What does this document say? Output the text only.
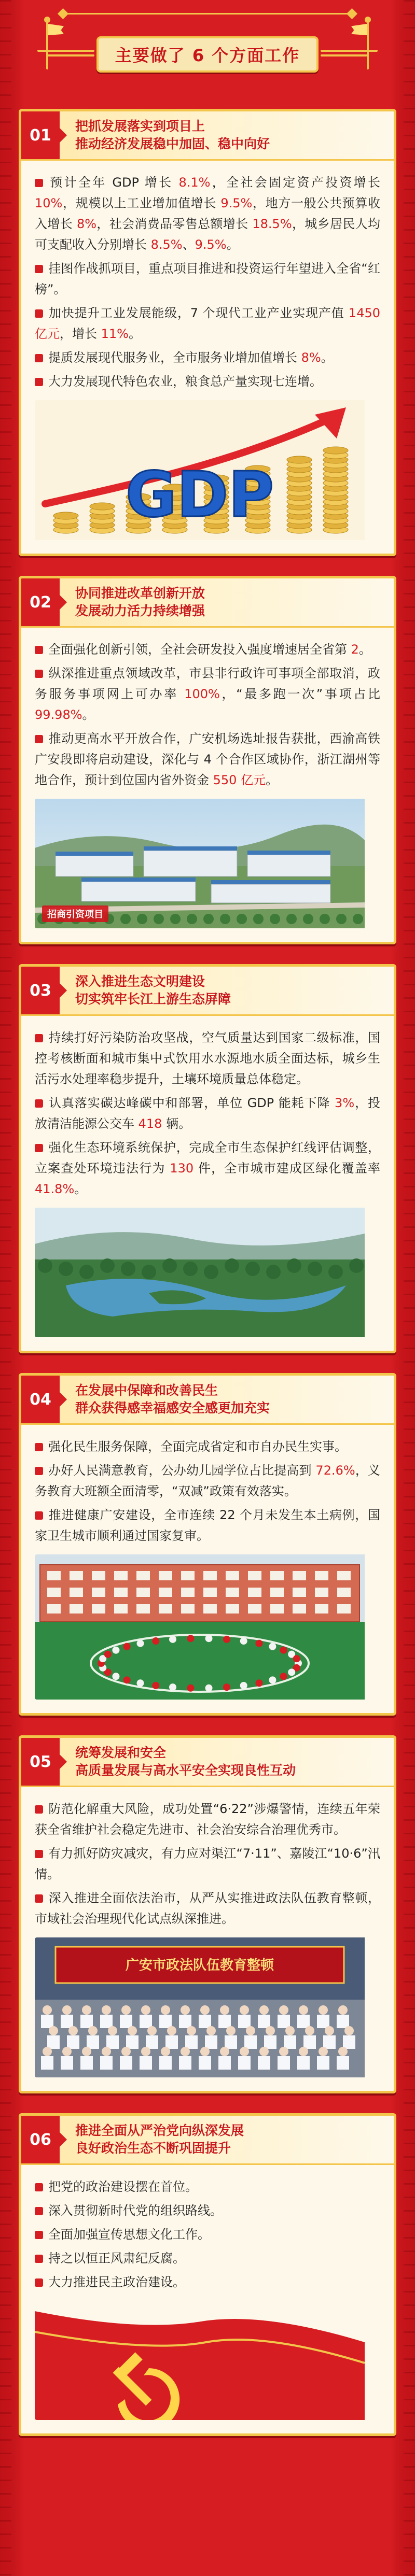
主要做了 6 个方面工作
01	把抓发展落实到项目上
推动经济发展稳中加固、稳中向好

预计全年 GDP 增长 8.1%，全社会固定资产投资增长 10%，规模以上工业增加值增长 9.5%，地方一般公共预算收入增长 8%，社会消费品零售总额增长 18.5%，城乡居民人均可支配收入分别增长 8.5%、9.5%。

挂图作战抓项目，重点项目推进和投资运行年望进入全省“红榜”。

加快提升工业发展能级，7 个现代工业产业实现产值 1450 亿元，增长 11%。

提质发展现代服务业，全市服务业增加值增长 8%。

大力发展现代特色农业，粮食总产量实现七连增。

GDP
02	协同推进改革创新开放
发展动力活力持续增强

全面强化创新引领，全社会研发投入强度增速居全省第 2。

纵深推进重点领域改革，市县非行政许可事项全部取消，政务服务事项网上可办率 100%，“最多跑一次”事项占比 99.98%。

推动更高水平开放合作，广安机场选址报告获批，西渝高铁广安段即将启动建设，深化与 4 个合作区域协作，浙江湖州等地合作，预计到位国内省外资金 550 亿元。

招商引资项目
03	深入推进生态文明建设
切实筑牢长江上游生态屏障

持续打好污染防治攻坚战，空气质量达到国家二级标准，国控考核断面和城市集中式饮用水水源地水质全面达标，城乡生活污水处理率稳步提升，土壤环境质量总体稳定。

认真落实碳达峰碳中和部署，单位 GDP 能耗下降 3%，投放清洁能源公交车 418 辆。

强化生态环境系统保护，完成全市生态保护红线评估调整，立案查处环境违法行为 130 件，全市城市建成区绿化覆盖率 41.8%。

04	在发展中保障和改善民生
群众获得感幸福感安全感更加充实

强化民生服务保障，全面完成省定和市自办民生实事。

办好人民满意教育，公办幼儿园学位占比提高到 72.6%，义务教育大班额全面清零，“双减”政策有效落实。

推进健康广安建设，全市连续 22 个月未发生本土病例，国家卫生城市顺利通过国家复审。

05	统筹发展和安全
高质量发展与高水平安全实现良性互动

防范化解重大风险，成功处置“6·22”涉爆警情，连续五年荣获全省维护社会稳定先进市、社会治安综合治理优秀市。

有力抓好防灾减灾，有力应对渠江“7·11”、嘉陵江“10·6”汛情。

深入推进全面依法治市，从严从实推进政法队伍教育整顿，市域社会治理现代化试点纵深推进。

广安市政法队伍教育整顿
06	推进全面从严治党向纵深发展
良好政治生态不断巩固提升

把党的政治建设摆在首位。

深入贯彻新时代党的组织路线。

全面加强宣传思想文化工作。

持之以恒正风肃纪反腐。

大力推进民主政治建设。
